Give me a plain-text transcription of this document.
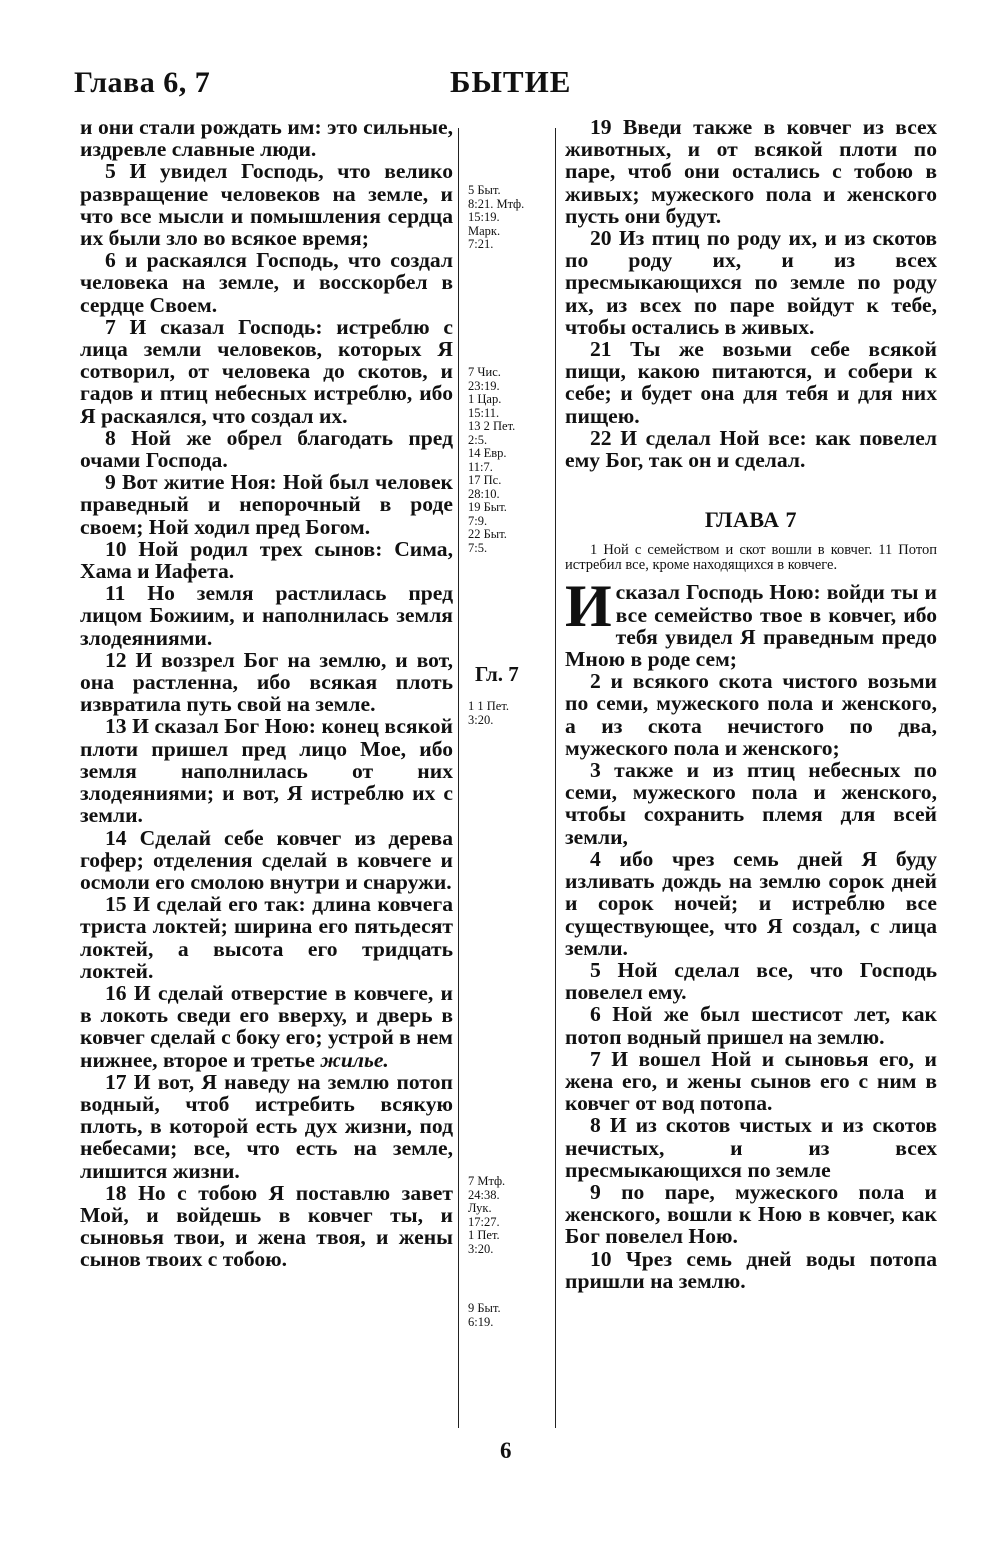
Глава 6, 7	БЫТИЕ

и они стали рождать им: это сильные, издревле славные люди.

5 И увидел Господь, что велико развращение человеков на земле, и что все мысли и помышления сердца их были зло во всякое время;

6 и раскаялся Господь, что создал человека на земле, и восскорбел в сердце Своем.

7 И сказал Господь: истреблю с лица земли человеков, которых Я сотворил, от человека до скотов, и гадов и птиц небесных истреблю, ибо Я раскаялся, что создал их.

8 Ной же обрел благодать пред очами Господа.

9 Вот житие Ноя: Ной был человек праведный и непорочный в роде своем; Ной ходил пред Богом.

10 Ной родил трех сынов: Сима, Хама и Иафета.

11 Но земля растлилась пред лицом Божиим, и наполнилась земля злодеяниями.

12 И воззрел Бог на землю, и вот, она растленна, ибо всякая плоть извратила путь свой на земле.

13 И сказал Бог Ною: конец всякой плоти пришел пред лицо Мое, ибо земля наполнилась от них злодеяниями; и вот, Я истреблю их с земли.

14 Сделай себе ковчег из дерева гофер; отделения сделай в ковчеге и осмоли его смолою внутри и снаружи.

15 И сделай его так: длина ковчега триста локтей; ширина его пятьдесят локтей, а высота его тридцать локтей.

16 И сделай отверстие в ковчеге, и в локоть сведи его вверху, и дверь в ковчег сделай с боку его; устрой в нем нижнее, второе и третье жилье.

17 И вот, Я наведу на землю потоп водный, чтоб истребить всякую плоть, в которой есть дух жизни, под небесами; все, что есть на земле, лишится жизни.

18 Но с тобою Я поставлю завет Мой, и войдешь в ковчег ты, и сыновья твои, и жена твоя, и жены сынов твоих с тобою.

5 Быт.
8:21. Мтф.
15:19.
Марк.
7:21.
7 Чис.
23:19.
1 Цар.
15:11.
13 2 Пет.
2:5.
14 Евр.
11:7.
17 Пс.
28:10.
19 Быт.
7:9.
22 Быт.
7:5.
Гл. 7
1 1 Пет.
3:20.
7 Мтф.
24:38.
Лук.
17:27.
1 Пет.
3:20.
9 Быт.
6:19.

19 Введи также в ковчег из всех животных, и от всякой плоти по паре, чтоб они остались с тобою в живых; мужеского пола и женского пусть они будут.

20 Из птиц по роду их, и из скотов по роду их, и из всех пресмыкающихся по земле по роду их, из всех по паре войдут к тебе, чтобы остались в живых.

21 Ты же возьми себе всякой пищи, какою питаются, и собери к себе; и будет она для тебя и для них пищею.

22 И сделал Ной все: как повелел ему Бог, так он и сделал.

ГЛАВА 7
1 Ной с семейством и скот вошли в ковчег. 11 Потоп истребил все, кроме находящихся в ковчеге.

Исказал Господь Ною: войди ты и все семейство твое в ковчег, ибо тебя увидел Я праведным предо Мною в роде сем;

2 и всякого скота чистого возьми по семи, мужеского пола и женского, а из скота нечистого по два, мужеского пола и женского;

3 также и из птиц небесных по семи, мужеского пола и женского, чтобы сохранить племя для всей земли,

4 ибо чрез семь дней Я буду изливать дождь на землю сорок дней и сорок ночей; и истреблю все существующее, что Я создал, с лица земли.

5 Ной сделал все, что Господь повелел ему.

6 Ной же был шестисот лет, как потоп водный пришел на землю.

7 И вошел Ной и сыновья его, и жена его, и жены сынов его с ним в ковчег от вод потопа.

8 И из скотов чистых и из скотов нечистых, и из всех пресмыкающихся по земле

9 по паре, мужеского пола и женского, вошли к Ною в ковчег, как Бог повелел Ною.

10 Чрез семь дней воды потопа пришли на землю.

6
